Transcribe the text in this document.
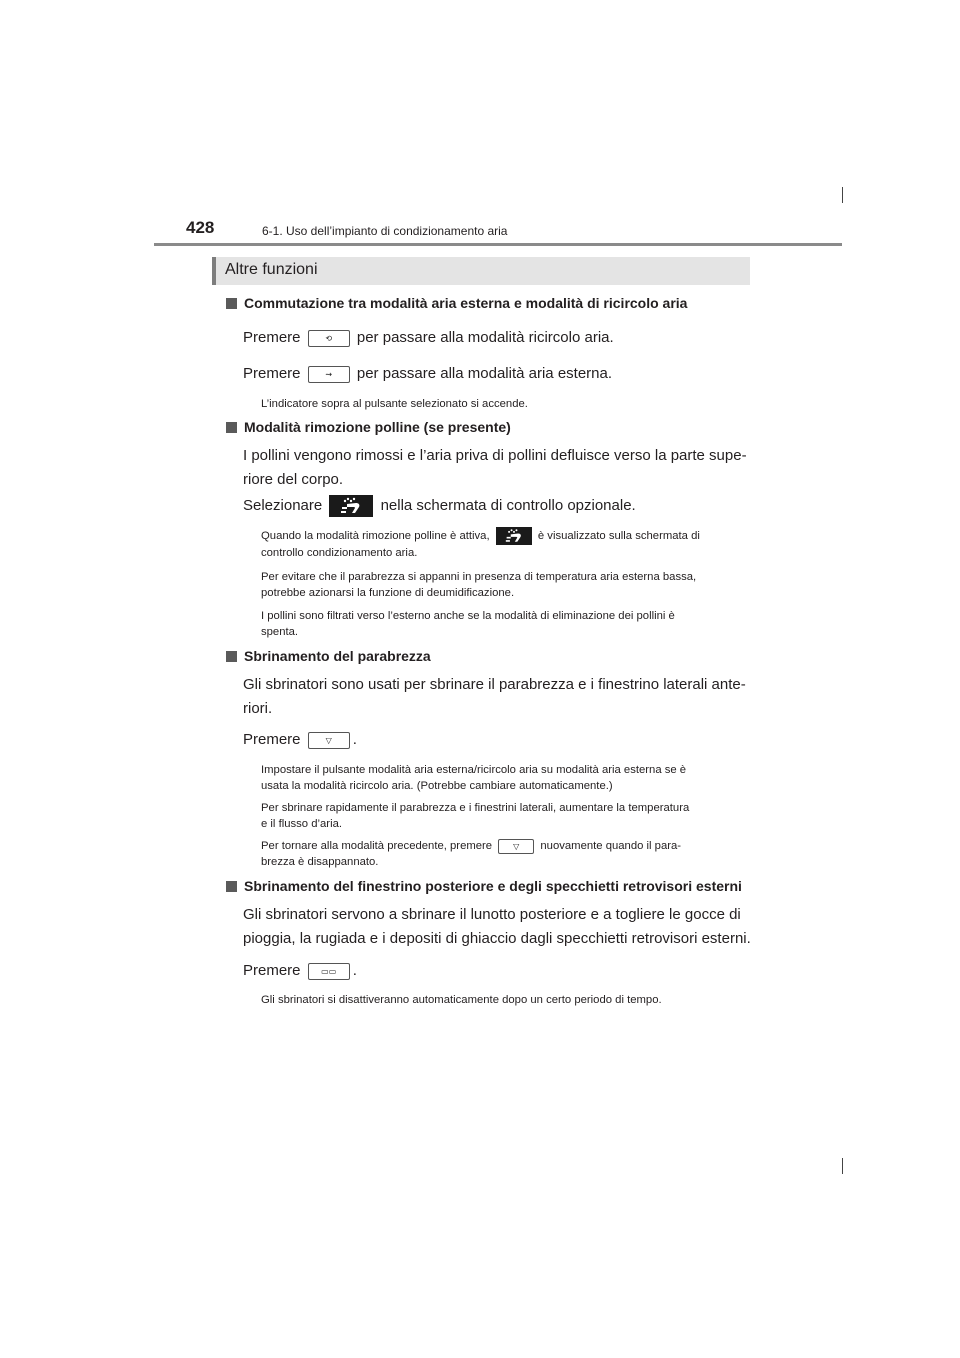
428	6-1. Uso dell’impianto di condizionamento aria
Altre funzioni
Commutazione tra modalità aria esterna e modalità di ricircolo aria
Premere	⟲	per passare alla modalità ricircolo aria.
Premere	⇝	per passare alla modalità aria esterna.
L’indicatore sopra al pulsante selezionato si accende.
Modalità rimozione polline (se presente)
I pollini vengono rimossi e l’aria priva di pollini defluisce verso la parte supe-
riore del corpo.
Selezionare	nella schermata di controllo opzionale.
Quando la modalità rimozione polline è attiva,	è visualizzato sulla schermata di
controllo condizionamento aria.
Per evitare che il parabrezza si appanni in presenza di temperatura aria esterna bassa,
potrebbe azionarsi la funzione di deumidificazione.
I pollini sono filtrati verso l’esterno anche se la modalità di eliminazione dei pollini è
spenta.
Sbrinamento del parabrezza
Gli sbrinatori sono usati per sbrinare il parabrezza e i finestrino laterali ante-
riori.
Premere	▽	.
Impostare il pulsante modalità aria esterna/ricircolo aria su modalità aria esterna se è
usata la modalità ricircolo aria. (Potrebbe cambiare automaticamente.)
Per sbrinare rapidamente il parabrezza e i finestrini laterali, aumentare la temperatura
e il flusso d’aria.
Per tornare alla modalità precedente, premere	▽	nuovamente quando il para-
brezza è disappannato.
Sbrinamento del finestrino posteriore e degli specchietti retrovisori esterni
Gli sbrinatori servono a sbrinare il lunotto posteriore e a togliere le gocce di
pioggia, la rugiada e i depositi di ghiaccio dagli specchietti retrovisori esterni.
Premere	▭▭	.
Gli sbrinatori si disattiveranno automaticamente dopo un certo periodo di tempo.
